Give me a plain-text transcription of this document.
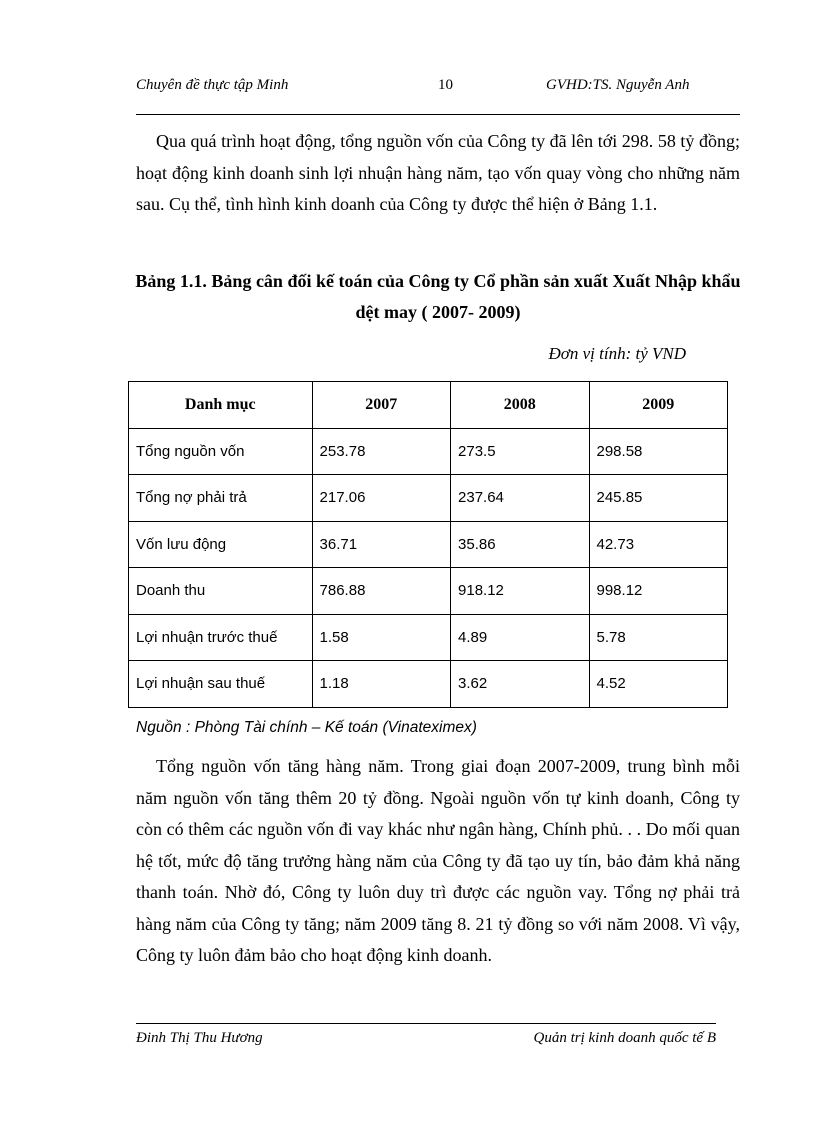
Chuyên đề thực tập Minh	10	GVHD:TS. Nguyễn Anh

Qua quá trình hoạt động, tổng nguồn vốn của Công ty đã lên tới 298. 58 tỷ đồng; hoạt động kinh doanh sinh lợi nhuận hàng năm, tạo vốn quay vòng cho những năm sau. Cụ thể, tình hình kinh doanh của Công ty được thể hiện ở Bảng 1.1.

Bảng 1.1. Bảng cân đối kế toán của Công ty Cổ phần sản xuất Xuất Nhập khẩu dệt may ( 2007- 2009)

Đơn vị tính: tỷ VND
Danh mục	2007	2008	2009
Tổng nguồn vốn	253.78	273.5	298.58
Tổng nợ phải trả	217.06	237.64	245.85
Vốn lưu động	36.71	35.86	42.73
Doanh thu	786.88	918.12	998.12
Lợi nhuận trước thuế	1.58	4.89	5.78
Lợi nhuận sau thuế	1.18	3.62	4.52
Nguồn : Phòng Tài chính – Kế toán (Vinateximex)

Tổng nguồn vốn tăng hàng năm. Trong giai đoạn 2007-2009, trung bình mỗi năm nguồn vốn tăng thêm 20 tỷ đồng. Ngoài nguồn vốn tự kinh doanh, Công ty còn có thêm các nguồn vốn đi vay khác như ngân hàng, Chính phủ. . . Do mối quan hệ tốt, mức độ tăng trưởng hàng năm của Công ty đã tạo uy tín, bảo đảm khả năng thanh toán. Nhờ đó, Công ty luôn duy trì được các nguồn vay. Tổng nợ phải trả hàng năm của Công ty tăng; năm 2009 tăng 8. 21 tỷ đồng so với năm 2008. Vì vậy, Công ty luôn đảm bảo cho hoạt động kinh doanh.

Đinh Thị Thu Hương	Quản trị kinh doanh quốc tế B
